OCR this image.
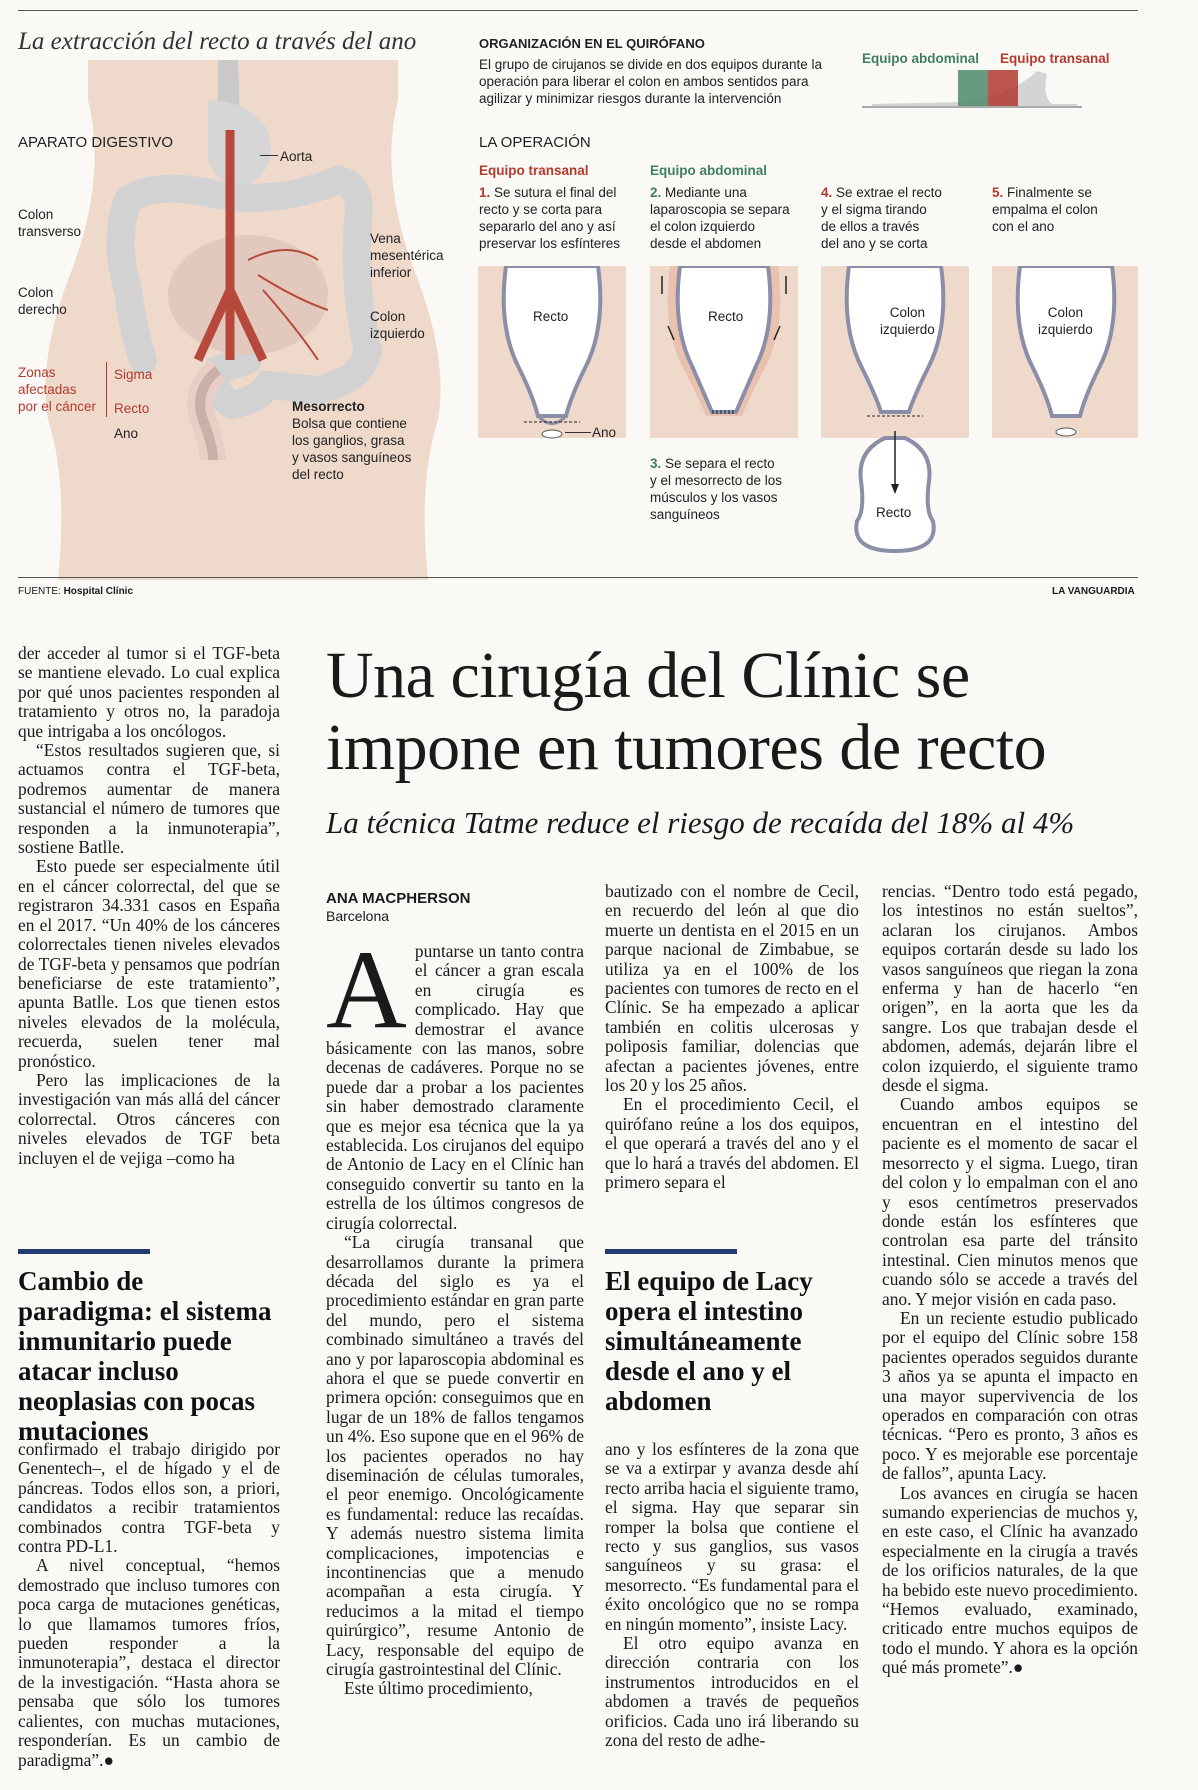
La extracción del recto a través del ano
APARATO DIGESTIVO
Aorta
Colon
transverso	Vena
mesentérica
inferior
Colon
derecho	Colon
izquierdo
Zonas
afectadas
por el cáncer
Sigma
Recto
Ano
Mesorrecto
Bolsa que contiene
los ganglios, grasa
y vasos sanguíneos
del recto
ORGANIZACIÓN EN EL QUIRÓFANO
El grupo de cirujanos se divide en dos equipos durante la
operación para liberar el colon en ambos sentidos para
agilizar y minimizar riesgos durante la intervención
Equipo abdominal Equipo transanal
LA OPERACIÓN
Equipo transanal	Equipo abdominal
1. Se sutura el final del
recto y se corta para
separarlo del ano y así
preservar los esfínteres
2. Mediante una
laparoscopia se separa
el colon izquierdo
desde el abdomen
4. Se extrae el recto
y el sigma tirando
de ellos a través
del ano y se corta
5. Finalmente se
empalma el colon
con el ano
Recto	Recto	Colon
izquierdo
Colon
izquierdo
Recto
Ano
3. Se separa el recto
y el mesorrecto de los
músculos y los vasos
sanguíneos
FUENTE: Hospital Clínic	LA VANGUARDIA

der acceder al tumor si el TGF-beta se mantiene elevado. Lo cual explica por qué unos pacientes responden al tratamiento y otros no, la paradoja que intrigaba a los oncólogos.

“Estos resultados sugieren que, si actuamos contra el TGF-beta, podremos aumentar de manera sustancial el número de tumores que responden a la inmunoterapia”, sostiene Batlle.

Esto puede ser especialmente útil en el cáncer colorrectal, del que se registraron 34.331 casos en España en el 2017. “Un 40% de los cánceres colorrectales tienen niveles elevados de TGF-beta y pensamos que podrían beneficiarse de este tratamiento”, apunta Batlle. Los que tienen estos niveles elevados de la molécula, recuerda, suelen tener mal pronóstico.

Pero las implicaciones de la investigación van más allá del cáncer colorrectal. Otros cánceres con niveles elevados de TGF beta incluyen el de vejiga –como ha

Cambio de paradigma: el sistema inmunitario puede atacar incluso neoplasias con pocas mutaciones

confirmado el trabajo dirigido por Genentech–, el de hígado y el de páncreas. Todos ellos son, a priori, candidatos a recibir tratamientos combinados contra TGF-beta y contra PD-L1.

A nivel conceptual, “hemos demostrado que incluso tumores con poca carga de mutaciones genéticas, lo que llamamos tumores fríos, pueden responder a la inmunoterapia”, destaca el director de la investigación. “Hasta ahora se pensaba que sólo los tumores calientes, con muchas mutaciones, responderían. Es un cambio de paradigma”.●

Una cirugía del Clínic se
impone en tumores de recto
La técnica Tatme reduce el riesgo de recaída del 18% al 4%
ANA MACPHERSON
Barcelona

Apuntarse un tanto contra el cáncer a gran escala en cirugía es complicado. Hay que demostrar el avance básicamente con las manos, sobre decenas de cadáveres. Porque no se puede dar a probar a los pacientes sin haber demostrado claramente que es mejor esa técnica que la ya establecida. Los cirujanos del equipo de Antonio de Lacy en el Clínic han conseguido convertir su tanto en la estrella de los últimos congresos de cirugía colorrectal.

“La cirugía transanal que desarrollamos durante la primera década del siglo es ya el procedimiento estándar en gran parte del mundo, pero el sistema combinado simultáneo a través del ano y por laparoscopia abdominal es ahora el que se puede convertir en primera opción: conseguimos que en lugar de un 18% de fallos tengamos un 4%. Eso supone que en el 96% de los pacientes operados no hay diseminación de células tumorales, el peor enemigo. Oncológicamente es fundamental: reduce las recaídas. Y además nuestro sistema limita complicaciones, impotencias e incontinencias que a menudo acompañan a esta cirugía. Y reducimos a la mitad el tiempo quirúrgico”, resume Antonio de Lacy, responsable del equipo de cirugía gastrointestinal del Clínic.

Este último procedimiento,

bautizado con el nombre de Cecil, en recuerdo del león al que dio muerte un dentista en el 2015 en un parque nacional de Zimbabue, se utiliza ya en el 100% de los pacientes con tumores de recto en el Clínic. Se ha empezado a aplicar también en colitis ulcerosas y poliposis familiar, dolencias que afectan a pacientes jóvenes, entre los 20 y los 25 años.

En el procedimiento Cecil, el quirófano reúne a los dos equipos, el que operará a través del ano y el que lo hará a través del abdomen. El primero separa el

El equipo de Lacy opera el intestino simultáneamente desde el ano y el abdomen

ano y los esfínteres de la zona que se va a extirpar y avanza desde ahí recto arriba hacia el siguiente tramo, el sigma. Hay que separar sin romper la bolsa que contiene el recto y sus ganglios, sus vasos sanguíneos y su grasa: el mesorrecto. “Es fundamental para el éxito oncológico que no se rompa en ningún momento”, insiste Lacy.

El otro equipo avanza en dirección contraria con los instrumentos introducidos en el abdomen a través de pequeños orificios. Cada uno irá liberando su zona del resto de adhe-

rencias. “Dentro todo está pegado, los intestinos no están sueltos”, aclaran los cirujanos. Ambos equipos cortarán desde su lado los vasos sanguíneos que riegan la zona enferma y han de hacerlo “en origen”, en la aorta que les da sangre. Los que trabajan desde el abdomen, además, dejarán libre el colon izquierdo, el siguiente tramo desde el sigma.

Cuando ambos equipos se encuentran en el intestino del paciente es el momento de sacar el mesorrecto y el sigma. Luego, tiran del colon y lo empalman con el ano y esos centímetros preservados donde están los esfínteres que controlan esa parte del tránsito intestinal. Cien minutos menos que cuando sólo se accede a través del ano. Y mejor visión en cada paso.

En un reciente estudio publicado por el equipo del Clínic sobre 158 pacientes operados seguidos durante 3 años ya se apunta el impacto en una mayor supervivencia de los operados en comparación con otras técnicas. “Pero es pronto, 3 años es poco. Y es mejorable ese porcentaje de fallos”, apunta Lacy.

Los avances en cirugía se hacen sumando experiencias de muchos y, en este caso, el Clínic ha avanzado especialmente en la cirugía a través de los orificios naturales, de la que ha bebido este nuevo procedimiento. “Hemos evaluado, examinado, criticado entre muchos equipos de todo el mundo. Y ahora es la opción qué más promete”.●
